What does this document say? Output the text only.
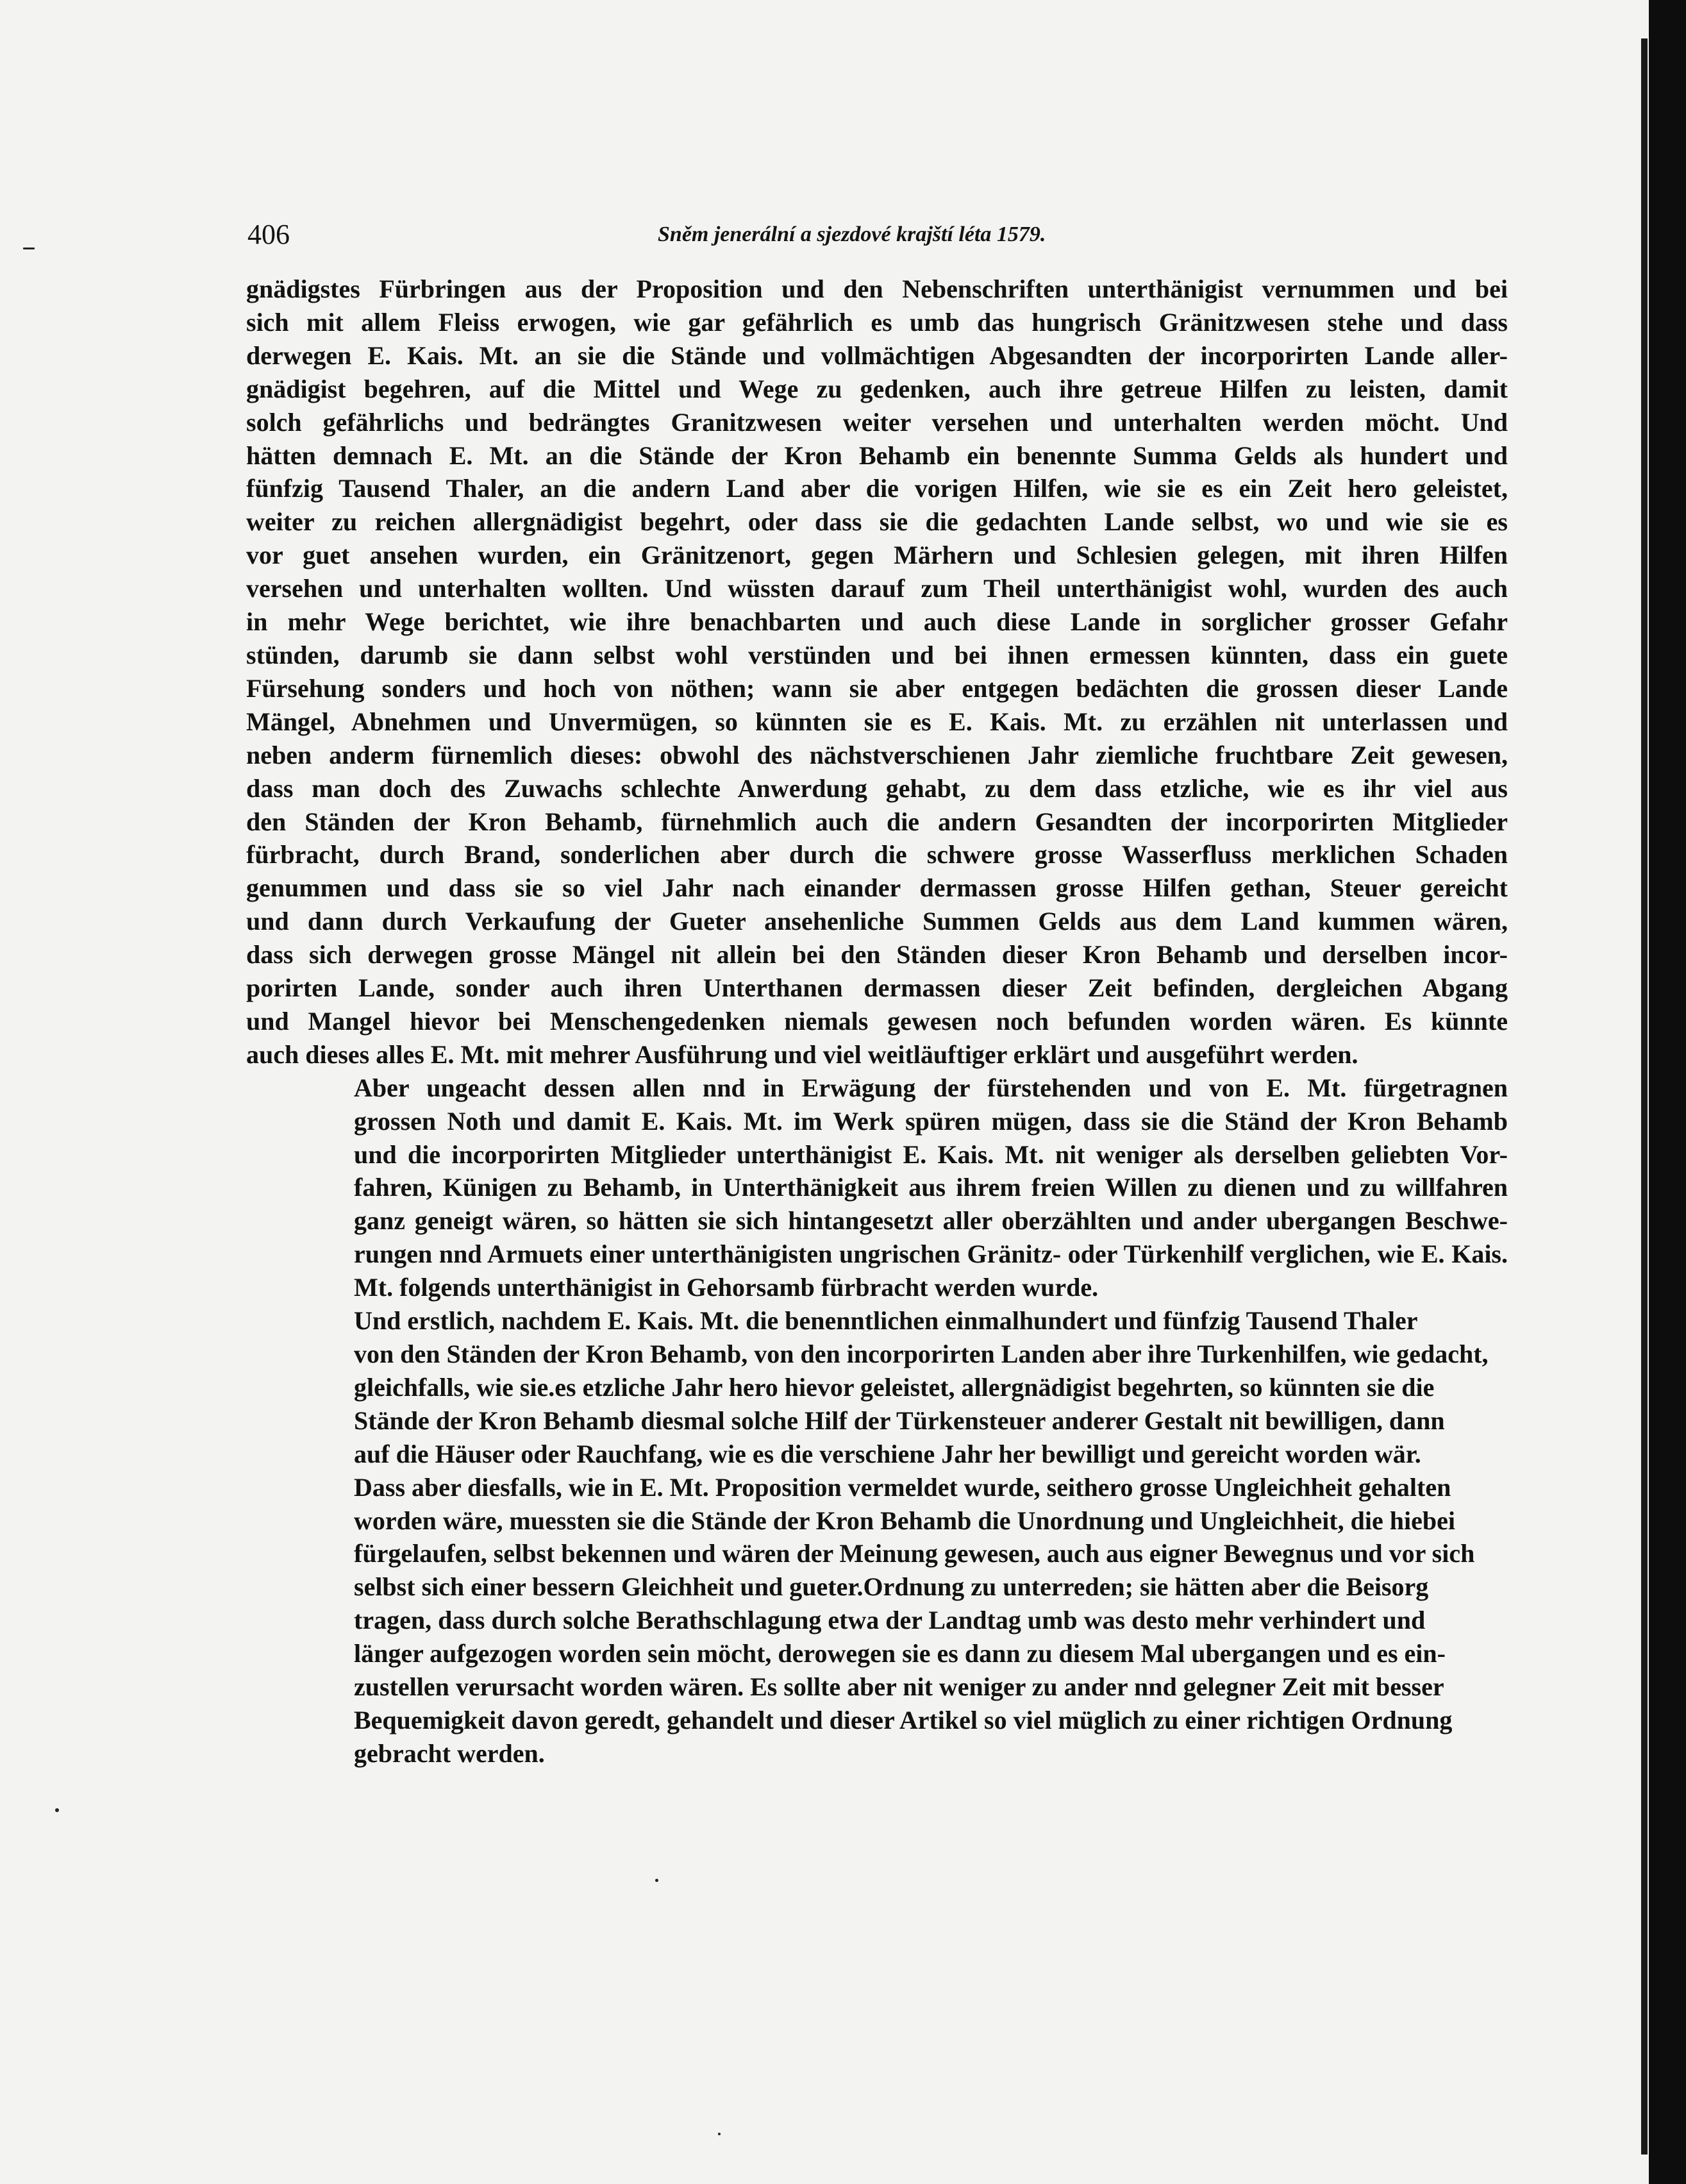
406	Sněm jenerální a sjezdové krajští léta 1579.

gnädigstes Fürbringen aus der Proposition und den Nebenschriften unterthänigist vernummen und bei
sich mit allem Fleiss erwogen, wie gar gefährlich es umb das hungrisch Gränitzwesen stehe und dass
derwegen E. Kais. Mt. an sie die Stände und vollmächtigen Abgesandten der incorporirten Lande aller-
gnädigist begehren, auf die Mittel und Wege zu gedenken, auch ihre getreue Hilfen zu leisten, damit
solch gefährlichs und bedrängtes Granitzwesen weiter versehen und unterhalten werden möcht. Und
hätten demnach E. Mt. an die Stände der Kron Behamb ein benennte Summa Gelds als hundert und
fünfzig Tausend Thaler, an die andern Land aber die vorigen Hilfen, wie sie es ein Zeit hero geleistet,
weiter zu reichen allergnädigist begehrt, oder dass sie die gedachten Lande selbst, wo und wie sie es
vor guet ansehen wurden, ein Gränitzenort, gegen Märhern und Schlesien gelegen, mit ihren Hilfen
versehen und unterhalten wollten. Und wüssten darauf zum Theil unterthänigist wohl, wurden des auch
in mehr Wege berichtet, wie ihre benachbarten und auch diese Lande in sorglicher grosser Gefahr
stünden, darumb sie dann selbst wohl verstünden und bei ihnen ermessen künnten, dass ein guete
Fürsehung sonders und hoch von nöthen; wann sie aber entgegen bedächten die grossen dieser Lande
Mängel, Abnehmen und Unvermügen, so künnten sie es E. Kais. Mt. zu erzählen nit unterlassen und
neben anderm fürnemlich dieses: obwohl des nächstverschienen Jahr ziemliche fruchtbare Zeit gewesen,
dass man doch des Zuwachs schlechte Anwerdung gehabt, zu dem dass etzliche, wie es ihr viel aus
den Ständen der Kron Behamb, fürnehmlich auch die andern Gesandten der incorporirten Mitglieder
fürbracht, durch Brand, sonderlichen aber durch die schwere grosse Wasserfluss merklichen Schaden
genummen und dass sie so viel Jahr nach einander dermassen grosse Hilfen gethan, Steuer gereicht
und dann durch Verkaufung der Gueter ansehenliche Summen Gelds aus dem Land kummen wären,
dass sich derwegen grosse Mängel nit allein bei den Ständen dieser Kron Behamb und derselben incor-
porirten Lande, sonder auch ihren Unterthanen dermassen dieser Zeit befinden, dergleichen Abgang
und Mangel hievor bei Menschengedenken niemals gewesen noch befunden worden wären. Es künnte
auch dieses alles E. Mt. mit mehrer Ausführung und viel weitläuftiger erklärt und ausgeführt werden.

Aber ungeacht dessen allen nnd in Erwägung der fürstehenden und von E. Mt. fürgetragnen
grossen Noth und damit E. Kais. Mt. im Werk spüren mügen, dass sie die Ständ der Kron Behamb
und die incorporirten Mitglieder unterthänigist E. Kais. Mt. nit weniger als derselben geliebten Vor-
fahren, Künigen zu Behamb, in Unterthänigkeit aus ihrem freien Willen zu dienen und zu willfahren
ganz geneigt wären, so hätten sie sich hintangesetzt aller oberzählten und ander ubergangen Beschwe-
rungen nnd Armuets einer unterthänigisten ungrischen Gränitz- oder Türkenhilf verglichen, wie E. Kais.
Mt. folgends unterthänigist in Gehorsamb fürbracht werden wurde.

Und erstlich, nachdem E. Kais. Mt. die benenntlichen einmalhundert und fünfzig Tausend Thaler
von den Ständen der Kron Behamb, von den incorporirten Landen aber ihre Turkenhilfen, wie gedacht,
gleichfalls, wie sie.es etzliche Jahr hero hievor geleistet, allergnädigist begehrten, so künnten sie die
Stände der Kron Behamb diesmal solche Hilf der Türkensteuer anderer Gestalt nit bewilligen, dann
auf die Häuser oder Rauchfang, wie es die verschiene Jahr her bewilligt und gereicht worden wär.
Dass aber diesfalls, wie in E. Mt. Proposition vermeldet wurde, seithero grosse Ungleichheit gehalten
worden wäre, muessten sie die Stände der Kron Behamb die Unordnung und Ungleichheit, die hiebei
fürgelaufen, selbst bekennen und wären der Meinung gewesen, auch aus eigner Bewegnus und vor sich
selbst sich einer bessern Gleichheit und gueter.Ordnung zu unterreden; sie hätten aber die Beisorg
tragen, dass durch solche Berathschlagung etwa der Landtag umb was desto mehr verhindert und
länger aufgezogen worden sein möcht, derowegen sie es dann zu diesem Mal ubergangen und es ein-
zustellen verursacht worden wären. Es sollte aber nit weniger zu ander nnd gelegner Zeit mit besser
Bequemigkeit davon geredt, gehandelt und dieser Artikel so viel müglich zu einer richtigen Ordnung
gebracht werden.
